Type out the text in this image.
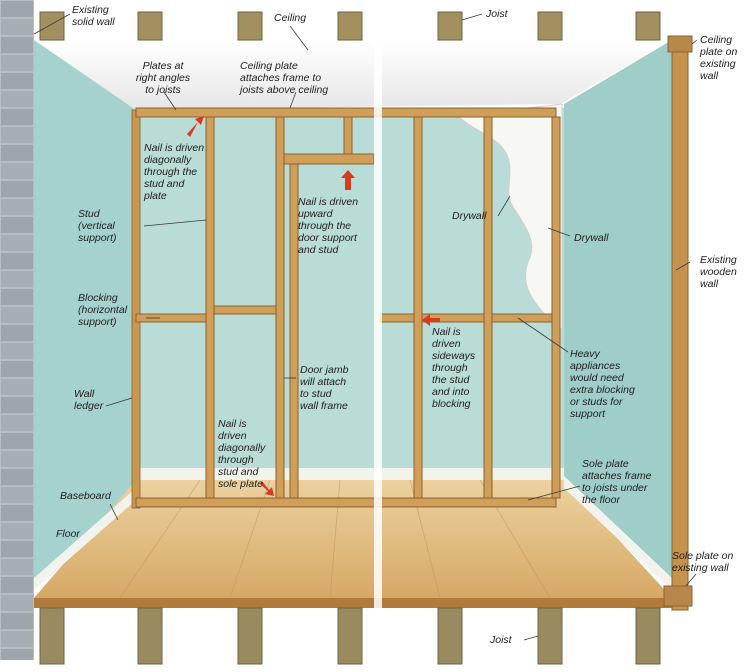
Existing
solid wall	Ceiling	Joist
Ceiling
plate on
existing
wall
Plates at
right angles
to joists
Ceiling plate
attaches frame to
joists above ceiling
Nail is driven
diagonally
through the
stud and
plate
Stud
(vertical
support)
Nail is driven
upward
through the
door support
and stud
Drywall
Drywall
Existing
wooden
wall
Blocking
(horizontal
support)
Nail is
driven
sideways
through
the stud
and into
blocking
Heavy
appliances
would need
extra blocking
or studs for
support
Wall
ledger
Door jamb
will attach
to stud
wall frame
Nail is
driven
diagonally
through
stud and
sole plate
Sole plate
attaches frame
to joists under
the floor
Baseboard
Floor
Sole plate on
existing wall
Joist
